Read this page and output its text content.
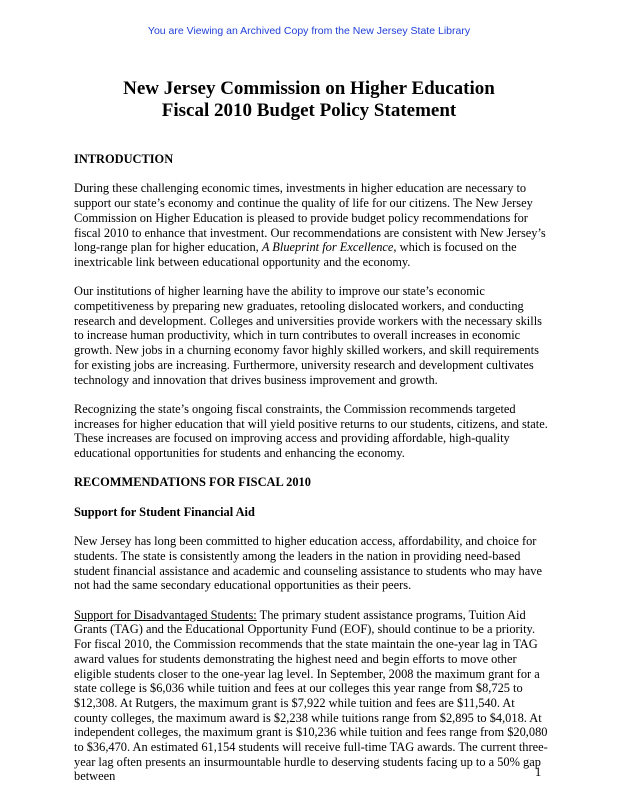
You are Viewing an Archived Copy from the New Jersey State Library
New Jersey Commission on Higher Education
Fiscal 2010 Budget Policy Statement

INTRODUCTION

During these challenging economic times, investments in higher education are necessary to support our state’s economy and continue the quality of life for our citizens. The New Jersey Commission on Higher Education is pleased to provide budget policy recommendations for fiscal 2010 to enhance that investment. Our recommendations are consistent with New Jersey’s long-range plan for higher education, A Blueprint for Excellence, which is focused on the inextricable link between educational opportunity and the economy.

Our institutions of higher learning have the ability to improve our state’s economic competitiveness by preparing new graduates, retooling dislocated workers, and conducting research and development. Colleges and universities provide workers with the necessary skills to increase human productivity, which in turn contributes to overall increases in economic growth. New jobs in a churning economy favor highly skilled workers, and skill requirements for existing jobs are increasing. Furthermore, university research and development cultivates technology and innovation that drives business improvement and growth.

Recognizing the state’s ongoing fiscal constraints, the Commission recommends targeted increases for higher education that will yield positive returns to our students, citizens, and state. These increases are focused on improving access and providing affordable, high-quality educational opportunities for students and enhancing the economy.

RECOMMENDATIONS FOR FISCAL 2010

Support for Student Financial Aid

New Jersey has long been committed to higher education access, affordability, and choice for students. The state is consistently among the leaders in the nation in providing need-based student financial assistance and academic and counseling assistance to students who may have not had the same secondary educational opportunities as their peers.

Support for Disadvantaged Students: The primary student assistance programs, Tuition Aid Grants (TAG) and the Educational Opportunity Fund (EOF), should continue to be a priority. For fiscal 2010, the Commission recommends that the state maintain the one-year lag in TAG award values for students demonstrating the highest need and begin efforts to move other eligible students closer to the one-year lag level. In September, 2008 the maximum grant for a state college is $6,036 while tuition and fees at our colleges this year range from $8,725 to $12,308. At Rutgers, the maximum grant is $7,922 while tuition and fees are $11,540. At county colleges, the maximum award is $2,238 while tuitions range from $2,895 to $4,018. At independent colleges, the maximum grant is $10,236 while tuition and fees range from $20,080 to $36,470. An estimated 61,154 students will receive full-time TAG awards. The current three-year lag often presents an insurmountable hurdle to deserving students facing up to a 50% gap between	1
